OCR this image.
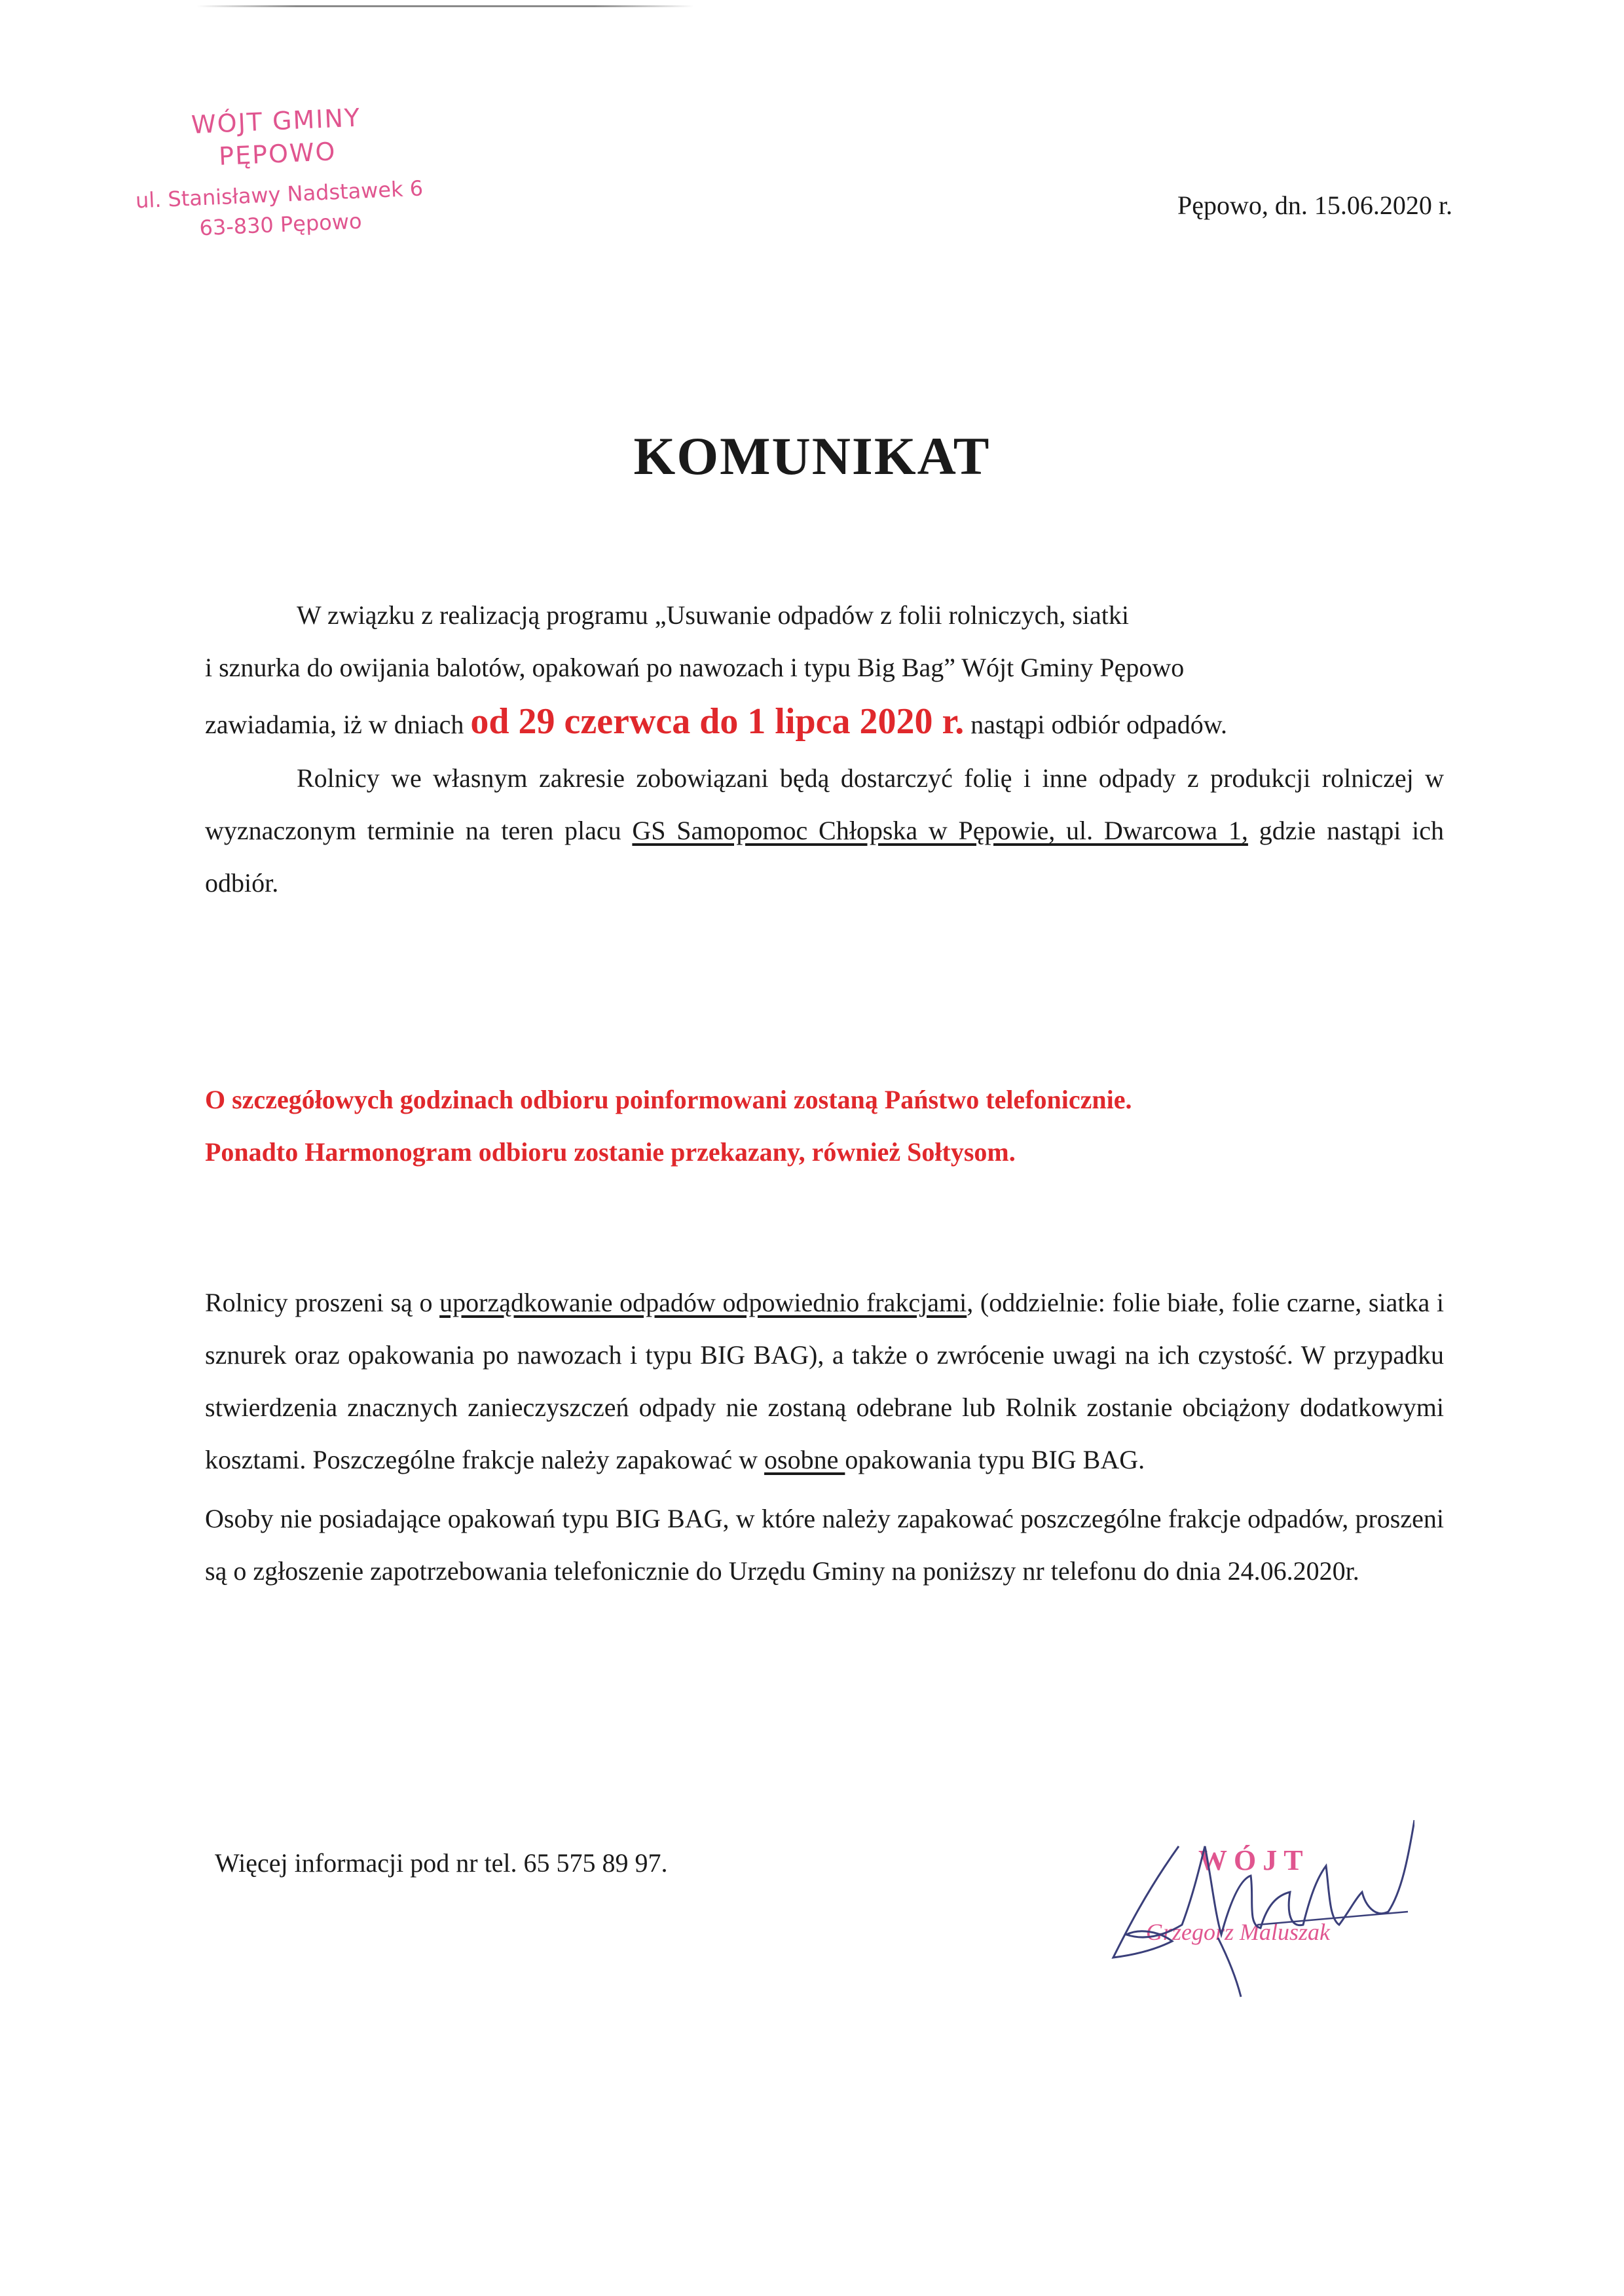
WÓJT GMINY
PĘPOWO
ul. Stanisławy Nadstawek 6
63-830 Pępowo
Pępowo, dn. 15.06.2020 r.
KOMUNIKAT

W związku z realizacją programu „Usuwanie odpadów z folii rolniczych, siatki

i sznurka do owijania balotów, opakowań po nawozach i typu Big Bag” Wójt Gminy Pępowo

zawiadamia, iż w dniach od 29 czerwca do 1 lipca 2020 r. nastąpi odbiór odpadów.

Rolnicy we własnym zakresie zobowiązani będą dostarczyć folię i inne odpady z produkcji rolniczej w wyznaczonym terminie na teren placu GS Samopomoc Chłopska w Pępowie, ul. Dwarcowa 1, gdzie nastąpi ich odbiór.

O szczegółowych godzinach odbioru poinformowani zostaną Państwo telefonicznie.

Ponadto Harmonogram odbioru zostanie przekazany, również Sołtysom.

Rolnicy proszeni są o uporządkowanie odpadów odpowiednio frakcjami, (oddzielnie: folie białe, folie czarne, siatka i sznurek oraz opakowania po nawozach i typu BIG BAG), a także o zwrócenie uwagi na ich czystość. W przypadku stwierdzenia znacznych zanieczyszczeń odpady nie zostaną odebrane lub Rolnik zostanie obciążony dodatkowymi kosztami. Poszczególne frakcje należy zapakować w osobne opakowania typu BIG BAG.

Osoby nie posiadające opakowań typu BIG BAG, w które należy zapakować poszczególne frakcje odpadów, proszeni są o zgłoszenie zapotrzebowania telefonicznie do Urzędu Gminy na poniższy nr telefonu do dnia 24.06.2020r.

Więcej informacji pod nr tel. 65 575 89 97.	WÓJT
Grzegorz Maluszak
